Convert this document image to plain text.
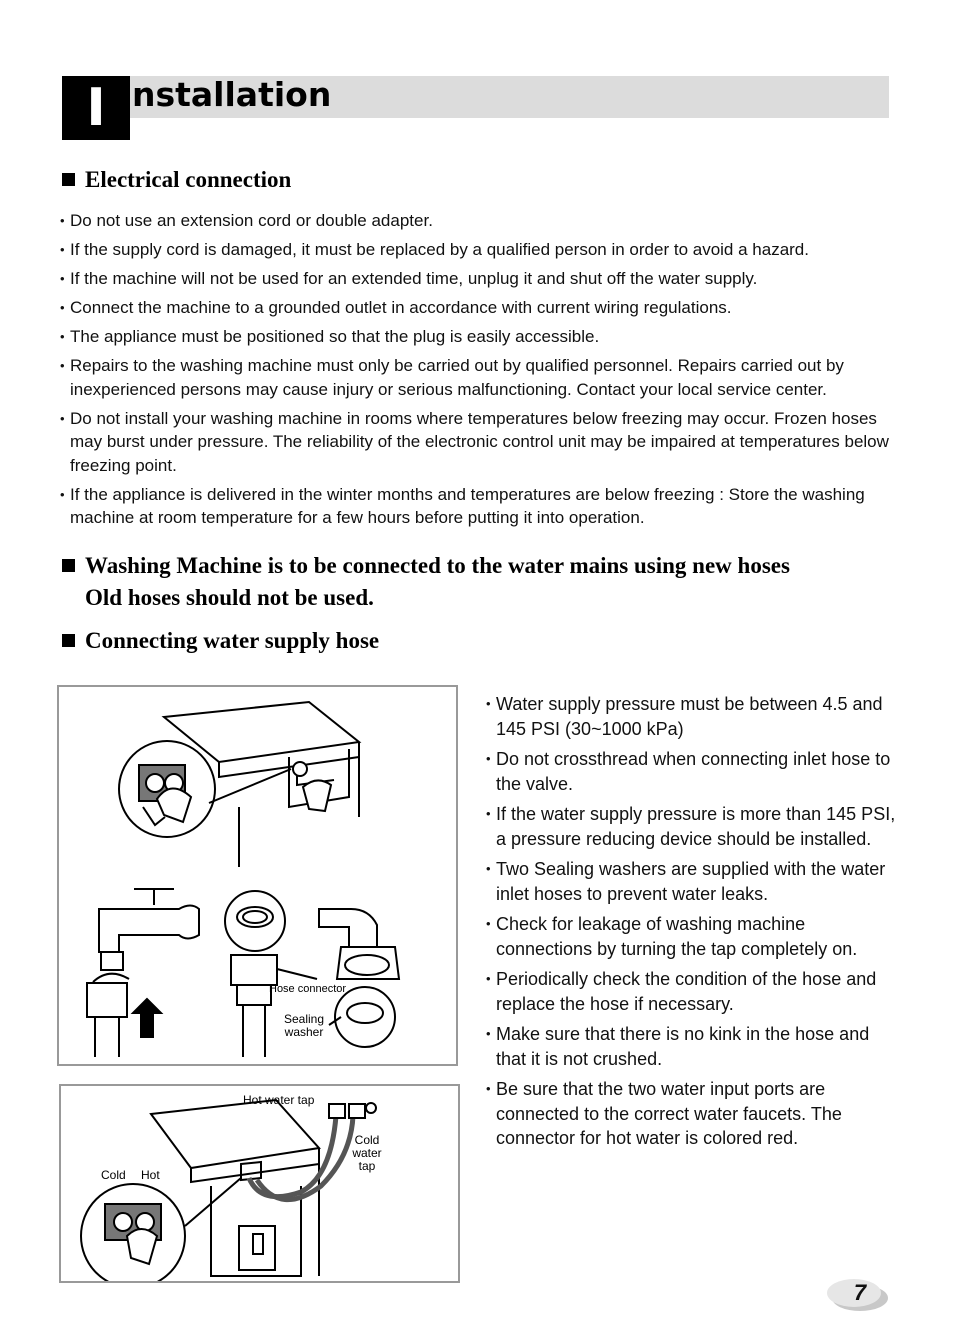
I nstallation
Electrical connection
• Do not use an extension cord or double adapter.
• If the supply cord is damaged, it must be replaced by a qualified person in order to avoid a hazard.
• If the machine will not be used for an extended time, unplug it and shut off the water supply.
• Connect the machine to a grounded outlet in accordance with current wiring regulations.
• The appliance must be positioned so that the plug is easily accessible.
• Repairs to the washing machine must only be carried out by qualified personnel. Repairs carried out by inexperienced persons may cause injury or serious malfunctioning. Contact your local service center.
• Do not install your washing machine in rooms where temperatures below freezing may occur. Frozen hoses may burst under pressure. The reliability of the electronic control unit may be impaired at temperatures below freezing point.
• If the appliance is delivered in the winter months and temperatures are below freezing : Store the washing machine at room temperature for a few hours before putting it into operation.
Washing Machine is to be connected to the water mains using new hoses
Old hoses should not be used.
Connecting water supply hose
Hose connector
Sealing
washer
Hot water tap
Cold
water
tap
Cold Hot
• Water supply pressure must be between 4.5 and 145 PSI (30~1000 kPa)
• Do not crossthread when connecting inlet hose to the valve.
• If the water supply pressure is more than 145 PSI, a pressure reducing device should be installed.
• Two Sealing washers are supplied with the water inlet hoses to prevent water leaks.
• Check for leakage of washing machine connections by turning the tap completely on.
• Periodically check the condition of the hose and replace the hose if necessary.
• Make sure that there is no kink in the hose and that it is not crushed.
• Be sure that the two water input ports are connected to the correct water faucets. The connector for hot water is colored red.
7
